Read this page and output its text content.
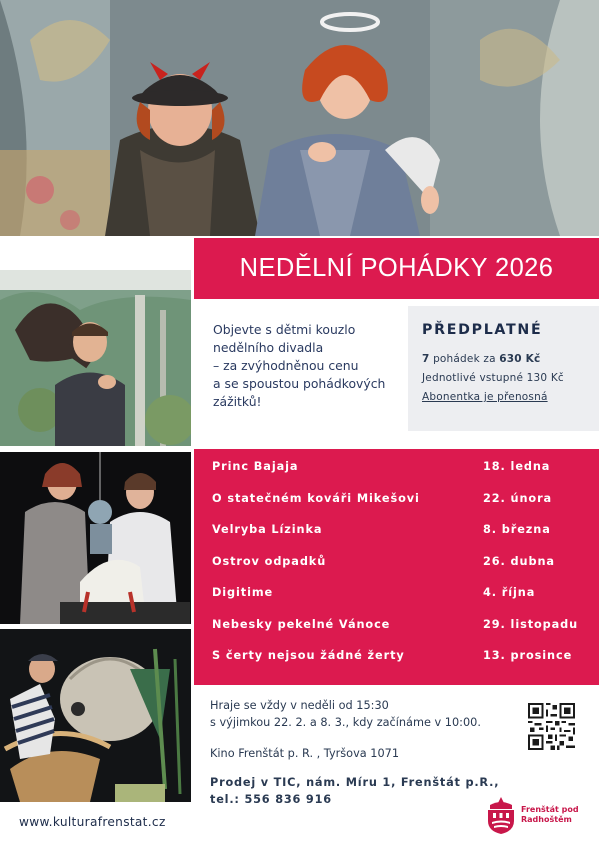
NEDĚLNÍ POHÁDKY 2026
Objevte s dětmi kouzlo
nedělního divadla
– za zvýhodněnou cenu
a se spoustou pohádkových
zážitků!
PŘEDPLATNÉ
7 pohádek za 630 Kč
Jednotlivé vstupné 130 Kč
Abonentka je přenosná
Princ Bajaja	18. ledna
O statečném kováři Mikešovi	22. února
Velryba Lízinka	8. března
Ostrov odpadků	26. dubna
Digitime	4. října
Nebesky pekelné Vánoce	29. listopadu
S čerty nejsou žádné žerty	13. prosince
Hraje se vždy v neděli od 15:30
s výjimkou 22. 2. a 8. 3., kdy začínáme v 10:00.
Kino Frenštát p. R. , Tyršova 1071
Prodej v TIC, nám. Míru 1, Frenštát p.R.,
tel.: 556 836 916
Frenštát pod
Radhoštěm
www.kulturafrenstat.cz
